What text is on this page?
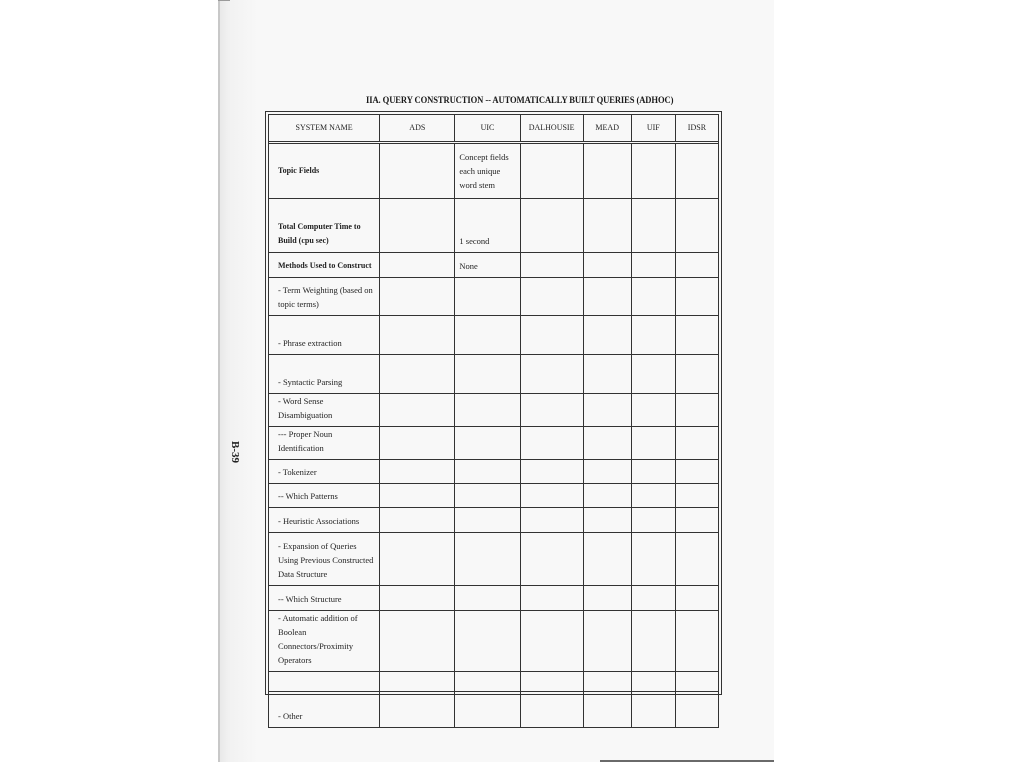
IIA. QUERY CONSTRUCTION -- AUTOMATICALLY BUILT QUERIES (ADHOC)
B-39
SYSTEM NAME	ADS	UIC	DALHOUSIE	MEAD	UIF	IDSR
Topic Fields		Concept fields each unique word stem				
Total Computer Time to Build (cpu sec)		1 second				
Methods Used to Construct		None				
- Term Weighting (based on topic terms)						
- Phrase extraction						
- Syntactic Parsing						
- Word Sense Disambiguation						
--- Proper Noun Identification						
- Tokenizer						
-- Which Patterns						
- Heuristic Associations						
- Expansion of Queries Using Previous Constructed Data Structure						
-- Which Structure						
- Automatic addition of Boolean Connectors/Proximity Operators						
- Other						
